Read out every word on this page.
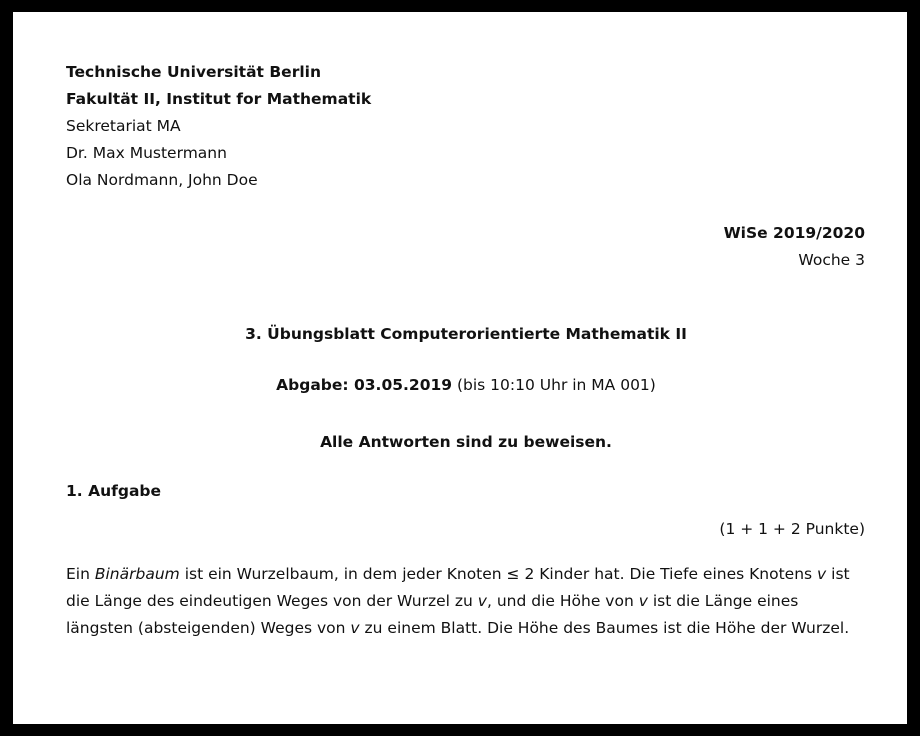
Technische Universität Berlin
Fakultät II, Institut for Mathematik
Sekretariat MA
Dr. Max Mustermann
Ola Nordmann, John Doe
WiSe 2019/2020
Woche 3
3. Übungsblatt Computerorientierte Mathematik II
Abgabe: 03.05.2019 (bis 10:10 Uhr in MA 001)
Alle Antworten sind zu beweisen.
1. Aufgabe
(1 + 1 + 2 Punkte)
Ein Binärbaum ist ein Wurzelbaum, in dem jeder Knoten ≤ 2 Kinder hat. Die Tiefe eines Knotens v ist die Länge des eindeutigen Weges von der Wurzel zu v, und die Höhe von v ist die Länge eines längsten (absteigenden) Weges von v zu einem Blatt. Die Höhe des Baumes ist die Höhe der Wurzel.
